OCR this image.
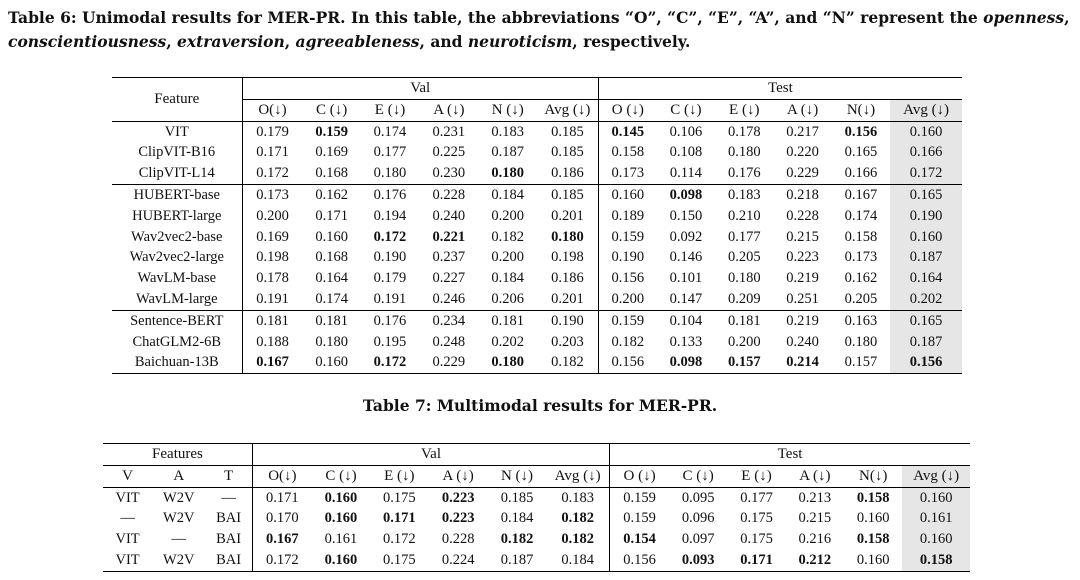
Table 6: Unimodal results for MER-PR. In this table, the abbreviations “O”, “C”, “E”, “A”, and “N” represent the openness, conscientiousness, extraversion, agreeableness, and neuroticism, respectively.
Feature	Val						Test					
	O(↓)	C (↓)	E (↓)	A (↓)	N (↓)	Avg (↓)	O (↓)	C (↓)	E (↓)	A (↓)	N(↓)	Avg (↓)
VIT	0.179	0.159	0.174	0.231	0.183	0.185	0.145	0.106	0.178	0.217	0.156	0.160
ClipVIT-B16	0.171	0.169	0.177	0.225	0.187	0.185	0.158	0.108	0.180	0.220	0.165	0.166
ClipVIT-L14	0.172	0.168	0.180	0.230	0.180	0.186	0.173	0.114	0.176	0.229	0.166	0.172
HUBERT-base	0.173	0.162	0.176	0.228	0.184	0.185	0.160	0.098	0.183	0.218	0.167	0.165
HUBERT-large	0.200	0.171	0.194	0.240	0.200	0.201	0.189	0.150	0.210	0.228	0.174	0.190
Wav2vec2-base	0.169	0.160	0.172	0.221	0.182	0.180	0.159	0.092	0.177	0.215	0.158	0.160
Wav2vec2-large	0.198	0.168	0.190	0.237	0.200	0.198	0.190	0.146	0.205	0.223	0.173	0.187
WavLM-base	0.178	0.164	0.179	0.227	0.184	0.186	0.156	0.101	0.180	0.219	0.162	0.164
WavLM-large	0.191	0.174	0.191	0.246	0.206	0.201	0.200	0.147	0.209	0.251	0.205	0.202
Sentence-BERT	0.181	0.181	0.176	0.234	0.181	0.190	0.159	0.104	0.181	0.219	0.163	0.165
ChatGLM2-6B	0.188	0.180	0.195	0.248	0.202	0.203	0.182	0.133	0.200	0.240	0.180	0.187
Baichuan-13B	0.167	0.160	0.172	0.229	0.180	0.182	0.156	0.098	0.157	0.214	0.157	0.156
Table 7: Multimodal results for MER-PR.
Features			Val						Test					
V	A	T	O(↓)	C (↓)	E (↓)	A (↓)	N (↓)	Avg (↓)	O (↓)	C (↓)	E (↓)	A (↓)	N(↓)	Avg (↓)
VIT	W2V	—	0.171	0.160	0.175	0.223	0.185	0.183	0.159	0.095	0.177	0.213	0.158	0.160
—	W2V	BAI	0.170	0.160	0.171	0.223	0.184	0.182	0.159	0.096	0.175	0.215	0.160	0.161
VIT	—	BAI	0.167	0.161	0.172	0.228	0.182	0.182	0.154	0.097	0.175	0.216	0.158	0.160
VIT	W2V	BAI	0.172	0.160	0.175	0.224	0.187	0.184	0.156	0.093	0.171	0.212	0.160	0.158
